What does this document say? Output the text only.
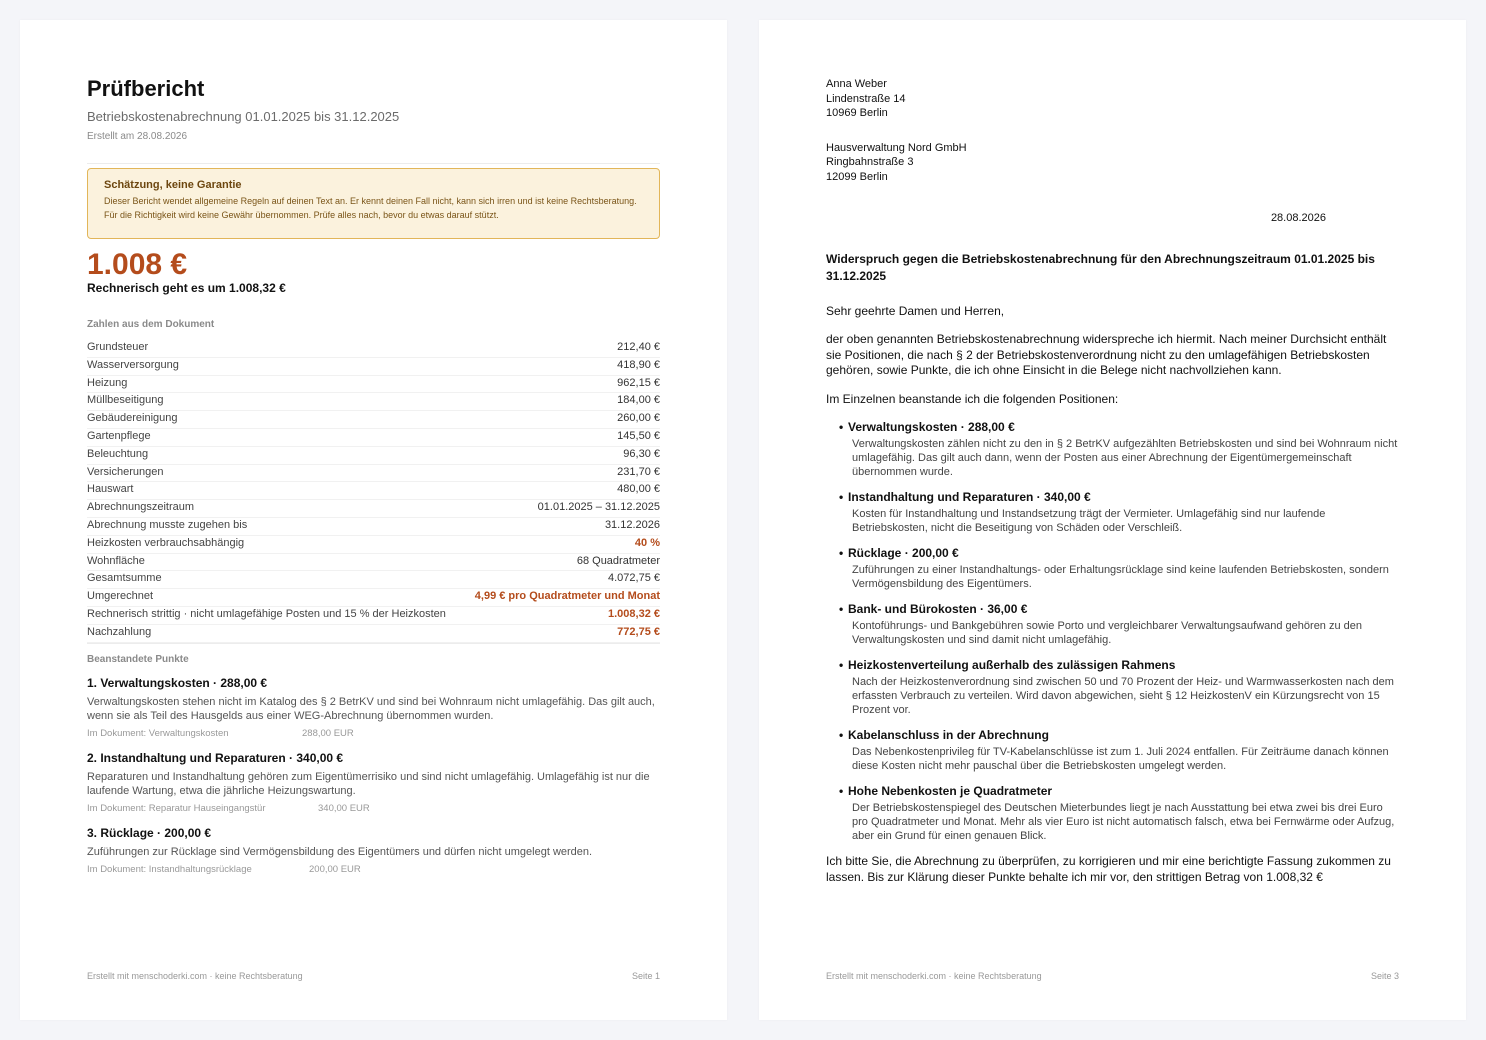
Prüfbericht
Betriebskostenabrechnung 01.01.2025 bis 31.12.2025
Erstellt am 28.08.2026
Schätzung, keine Garantie
Dieser Bericht wendet allgemeine Regeln auf deinen Text an. Er kennt deinen Fall nicht, kann sich irren und ist keine Rechtsberatung. Für die Richtigkeit wird keine Gewähr übernommen. Prüfe alles nach, bevor du etwas darauf stützt.
1.008 €
Rechnerisch geht es um 1.008,32 €
Zahlen aus dem Dokument
Grundsteuer	212,40 €
Wasserversorgung	418,90 €
Heizung	962,15 €
Müllbeseitigung	184,00 €
Gebäudereinigung	260,00 €
Gartenpflege	145,50 €
Beleuchtung	96,30 €
Versicherungen	231,70 €
Hauswart	480,00 €
Abrechnungszeitraum	01.01.2025 – 31.12.2025
Abrechnung musste zugehen bis	31.12.2026
Heizkosten verbrauchsabhängig	40 %
Wohnfläche	68 Quadratmeter
Gesamtsumme	4.072,75 €
Umgerechnet	4,99 € pro Quadratmeter und Monat
Rechnerisch strittig · nicht umlagefähige Posten und 15 % der Heizkosten	1.008,32 €
Nachzahlung	772,75 €
Beanstandete Punkte
1. Verwaltungskosten · 288,00 €
Verwaltungskosten stehen nicht im Katalog des § 2 BetrKV und sind bei Wohnraum nicht umlagefähig. Das gilt auch, wenn sie als Teil des Hausgelds aus einer WEG-Abrechnung übernommen wurden.
Im Dokument: Verwaltungskosten	288,00 EUR
2. Instandhaltung und Reparaturen · 340,00 €
Reparaturen und Instandhaltung gehören zum Eigentümerrisiko und sind nicht umlagefähig. Umlagefähig ist nur die laufende Wartung, etwa die jährliche Heizungswartung.
Im Dokument: Reparatur Hauseingangstür	340,00 EUR
3. Rücklage · 200,00 €
Zuführungen zur Rücklage sind Vermögensbildung des Eigentümers und dürfen nicht umgelegt werden.
Im Dokument: Instandhaltungsrücklage	200,00 EUR
Erstellt mit menschoderki.com · keine Rechtsberatung	Seite 1
Anna Weber
Lindenstraße 14
10969 Berlin
Hausverwaltung Nord GmbH
Ringbahnstraße 3
12099 Berlin
28.08.2026
Widerspruch gegen die Betriebskostenabrechnung für den Abrechnungszeitraum 01.01.2025 bis 31.12.2025
Sehr geehrte Damen und Herren,
der oben genannten Betriebskostenabrechnung widerspreche ich hiermit. Nach meiner Durchsicht enthält sie Positionen, die nach § 2 der Betriebskostenverordnung nicht zu den umlagefähigen Betriebskosten gehören, sowie Punkte, die ich ohne Einsicht in die Belege nicht nachvollziehen kann.
Im Einzelnen beanstande ich die folgenden Positionen:
• Verwaltungskosten · 288,00 €
Verwaltungskosten zählen nicht zu den in § 2 BetrKV aufgezählten Betriebskosten und sind bei Wohnraum nicht umlagefähig. Das gilt auch dann, wenn der Posten aus einer Abrechnung der Eigentümergemeinschaft übernommen wurde.
• Instandhaltung und Reparaturen · 340,00 €
Kosten für Instandhaltung und Instandsetzung trägt der Vermieter. Umlagefähig sind nur laufende Betriebskosten, nicht die Beseitigung von Schäden oder Verschleiß.
• Rücklage · 200,00 €
Zuführungen zu einer Instandhaltungs- oder Erhaltungsrücklage sind keine laufenden Betriebskosten, sondern Vermögensbildung des Eigentümers.
• Bank- und Bürokosten · 36,00 €
Kontoführungs- und Bankgebühren sowie Porto und vergleichbarer Verwaltungsaufwand gehören zu den Verwaltungskosten und sind damit nicht umlagefähig.
• Heizkostenverteilung außerhalb des zulässigen Rahmens
Nach der Heizkostenverordnung sind zwischen 50 und 70 Prozent der Heiz- und Warmwasserkosten nach dem erfassten Verbrauch zu verteilen. Wird davon abgewichen, sieht § 12 HeizkostenV ein Kürzungsrecht von 15 Prozent vor.
• Kabelanschluss in der Abrechnung
Das Nebenkostenprivileg für TV-Kabelanschlüsse ist zum 1. Juli 2024 entfallen. Für Zeiträume danach können diese Kosten nicht mehr pauschal über die Betriebskosten umgelegt werden.
• Hohe Nebenkosten je Quadratmeter
Der Betriebskostenspiegel des Deutschen Mieterbundes liegt je nach Ausstattung bei etwa zwei bis drei Euro pro Quadratmeter und Monat. Mehr als vier Euro ist nicht automatisch falsch, etwa bei Fernwärme oder Aufzug, aber ein Grund für einen genauen Blick.
Ich bitte Sie, die Abrechnung zu überprüfen, zu korrigieren und mir eine berichtigte Fassung zukommen zu lassen. Bis zur Klärung dieser Punkte behalte ich mir vor, den strittigen Betrag von 1.008,32 €
Erstellt mit menschoderki.com · keine Rechtsberatung	Seite 3
